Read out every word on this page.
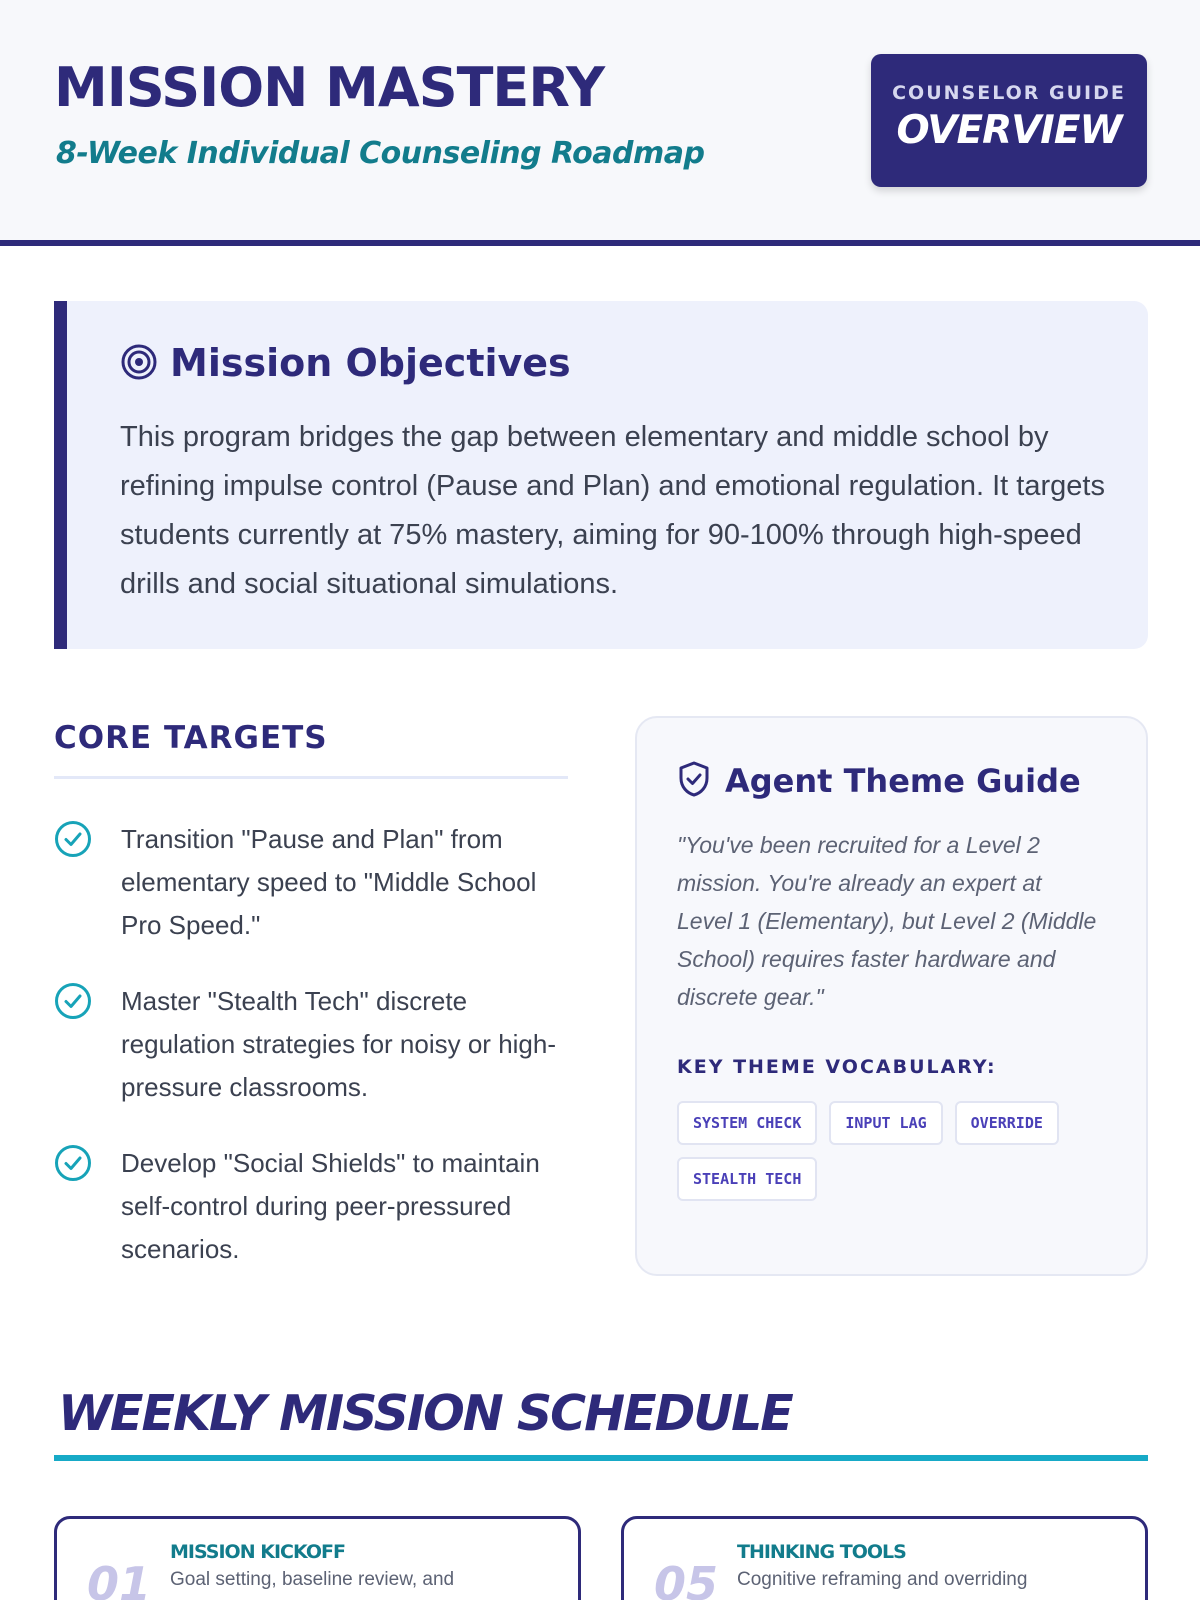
MISSION MASTERY
8-Week Individual Counseling Roadmap
COUNSELOR GUIDE
OVERVIEW
Mission Objectives

This program bridges the gap between elementary and middle school by refining impulse control (Pause and Plan) and emotional regulation. It targets students currently at 75% mastery, aiming for 90-100% through high-speed drills and social situational simulations.

CORE TARGETS
Transition "Pause and Plan" from elementary speed to "Middle School Pro Speed."
Master "Stealth Tech" discrete regulation strategies for noisy or high-pressure classrooms.
Develop "Social Shields" to maintain self-control during peer-pressured scenarios.
Agent Theme Guide

"You've been recruited for a Level 2 mission. You're already an expert at Level 1 (Elementary), but Level 2 (Middle School) requires faster hardware and discrete gear."

KEY THEME VOCABULARY:
SYSTEM CHECK	INPUT LAG	OVERRIDESTEALTH TECH
WEEKLY MISSION SCHEDULE
01
MISSION KICKOFF
Goal setting, baseline review, and	05
THINKING TOOLS
Cognitive reframing and overriding
